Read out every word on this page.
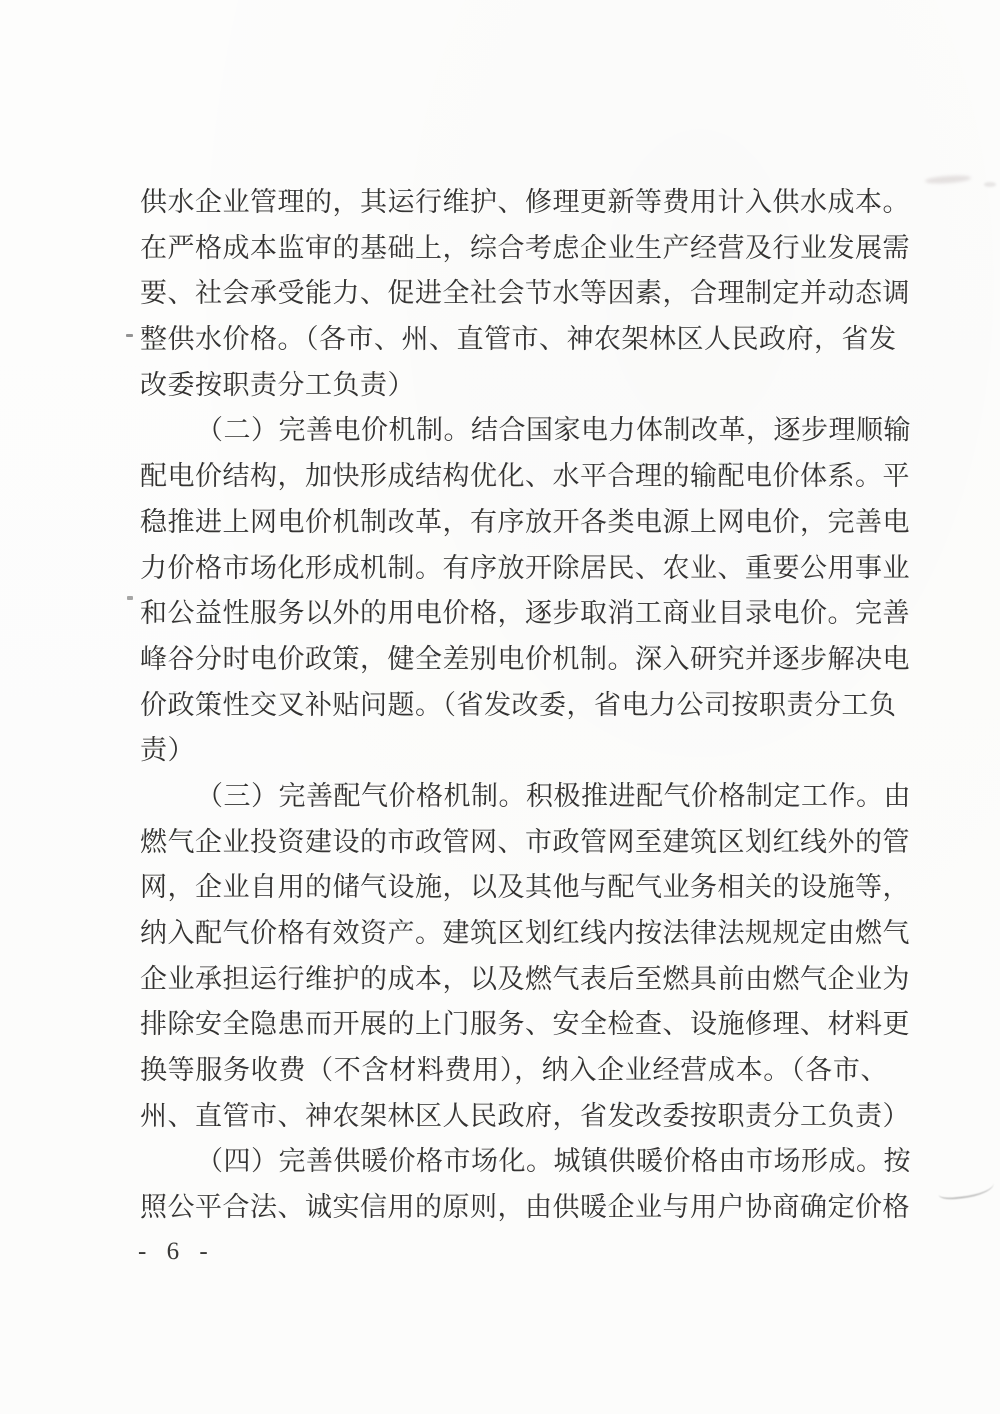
供水企业管理的，其运行维护、修理更新等费用计入供水成本。
在严格成本监审的基础上，综合考虑企业生产经营及行业发展需
要、社会承受能力、促进全社会节水等因素，合理制定并动态调
整供水价格。（各市、州、直管市、神农架林区人民政府，省发
改委按职责分工负责）
（二）完善电价机制。结合国家电力体制改革，逐步理顺输
配电价结构，加快形成结构优化、水平合理的输配电价体系。平
稳推进上网电价机制改革，有序放开各类电源上网电价，完善电
力价格市场化形成机制。有序放开除居民、农业、重要公用事业
和公益性服务以外的用电价格，逐步取消工商业目录电价。完善
峰谷分时电价政策，健全差别电价机制。深入研究并逐步解决电
价政策性交叉补贴问题。（省发改委，省电力公司按职责分工负
责）
（三）完善配气价格机制。积极推进配气价格制定工作。由
燃气企业投资建设的市政管网、市政管网至建筑区划红线外的管
网，企业自用的储气设施，以及其他与配气业务相关的设施等，
纳入配气价格有效资产。建筑区划红线内按法律法规规定由燃气
企业承担运行维护的成本，以及燃气表后至燃具前由燃气企业为
排除安全隐患而开展的上门服务、安全检查、设施修理、材料更
换等服务收费（不含材料费用），纳入企业经营成本。（各市、
州、直管市、神农架林区人民政府，省发改委按职责分工负责）
（四）完善供暖价格市场化。城镇供暖价格由市场形成。按
照公平合法、诚实信用的原则，由供暖企业与用户协商确定价格
- 6 -
